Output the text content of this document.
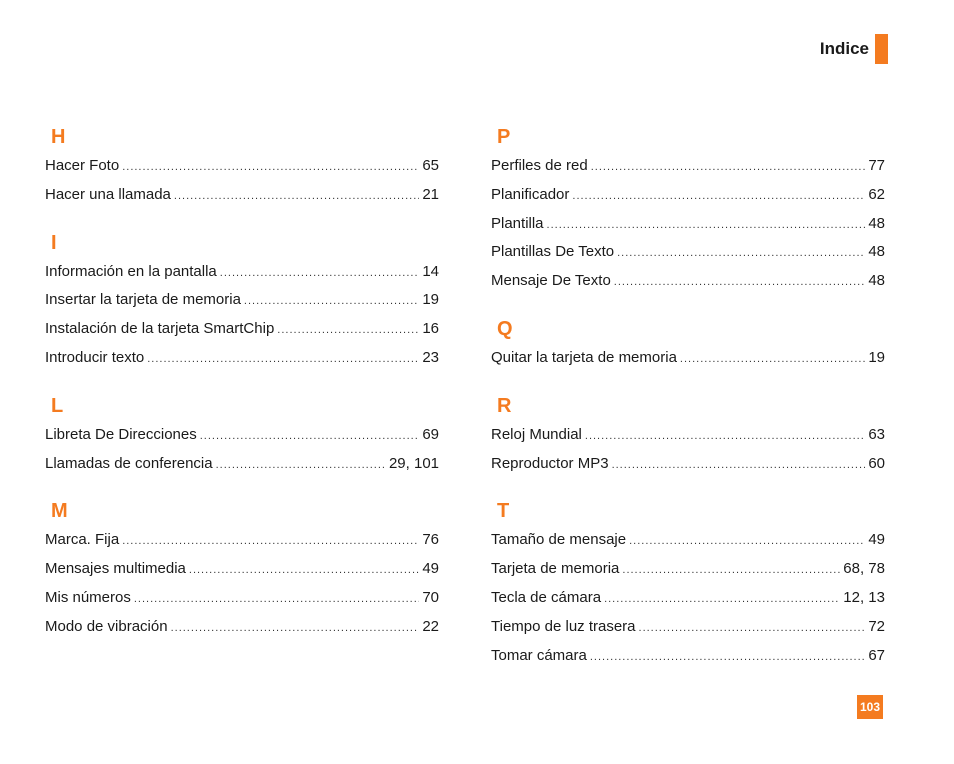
Indice
H
Hacer Foto .....	65
Hacer una llamada .....	21
I
Información en la pantalla .....	14
Insertar la tarjeta de memoria .....	19
Instalación de la tarjeta SmartChip .....	16
Introducir texto .....	23
L
Libreta De Direcciones .....	69
Llamadas de conferencia .....	29, 101
M
Marca. Fija .....	76
Mensajes multimedia .....	49
Mis números .....	70
Modo de vibración .....	22
P
Perfiles de red .....	77
Planificador .....	62
Plantilla .....	48
Plantillas De Texto .....	48
Mensaje De Texto .....	48
Q
Quitar la tarjeta de memoria .....	19
R
Reloj Mundial .....	63
Reproductor MP3 .....	60
T
Tamaño de mensaje .....	49
Tarjeta de memoria .....	68, 78
Tecla de cámara .....	12, 13
Tiempo de luz trasera .....	72
Tomar cámara .....	67
103
